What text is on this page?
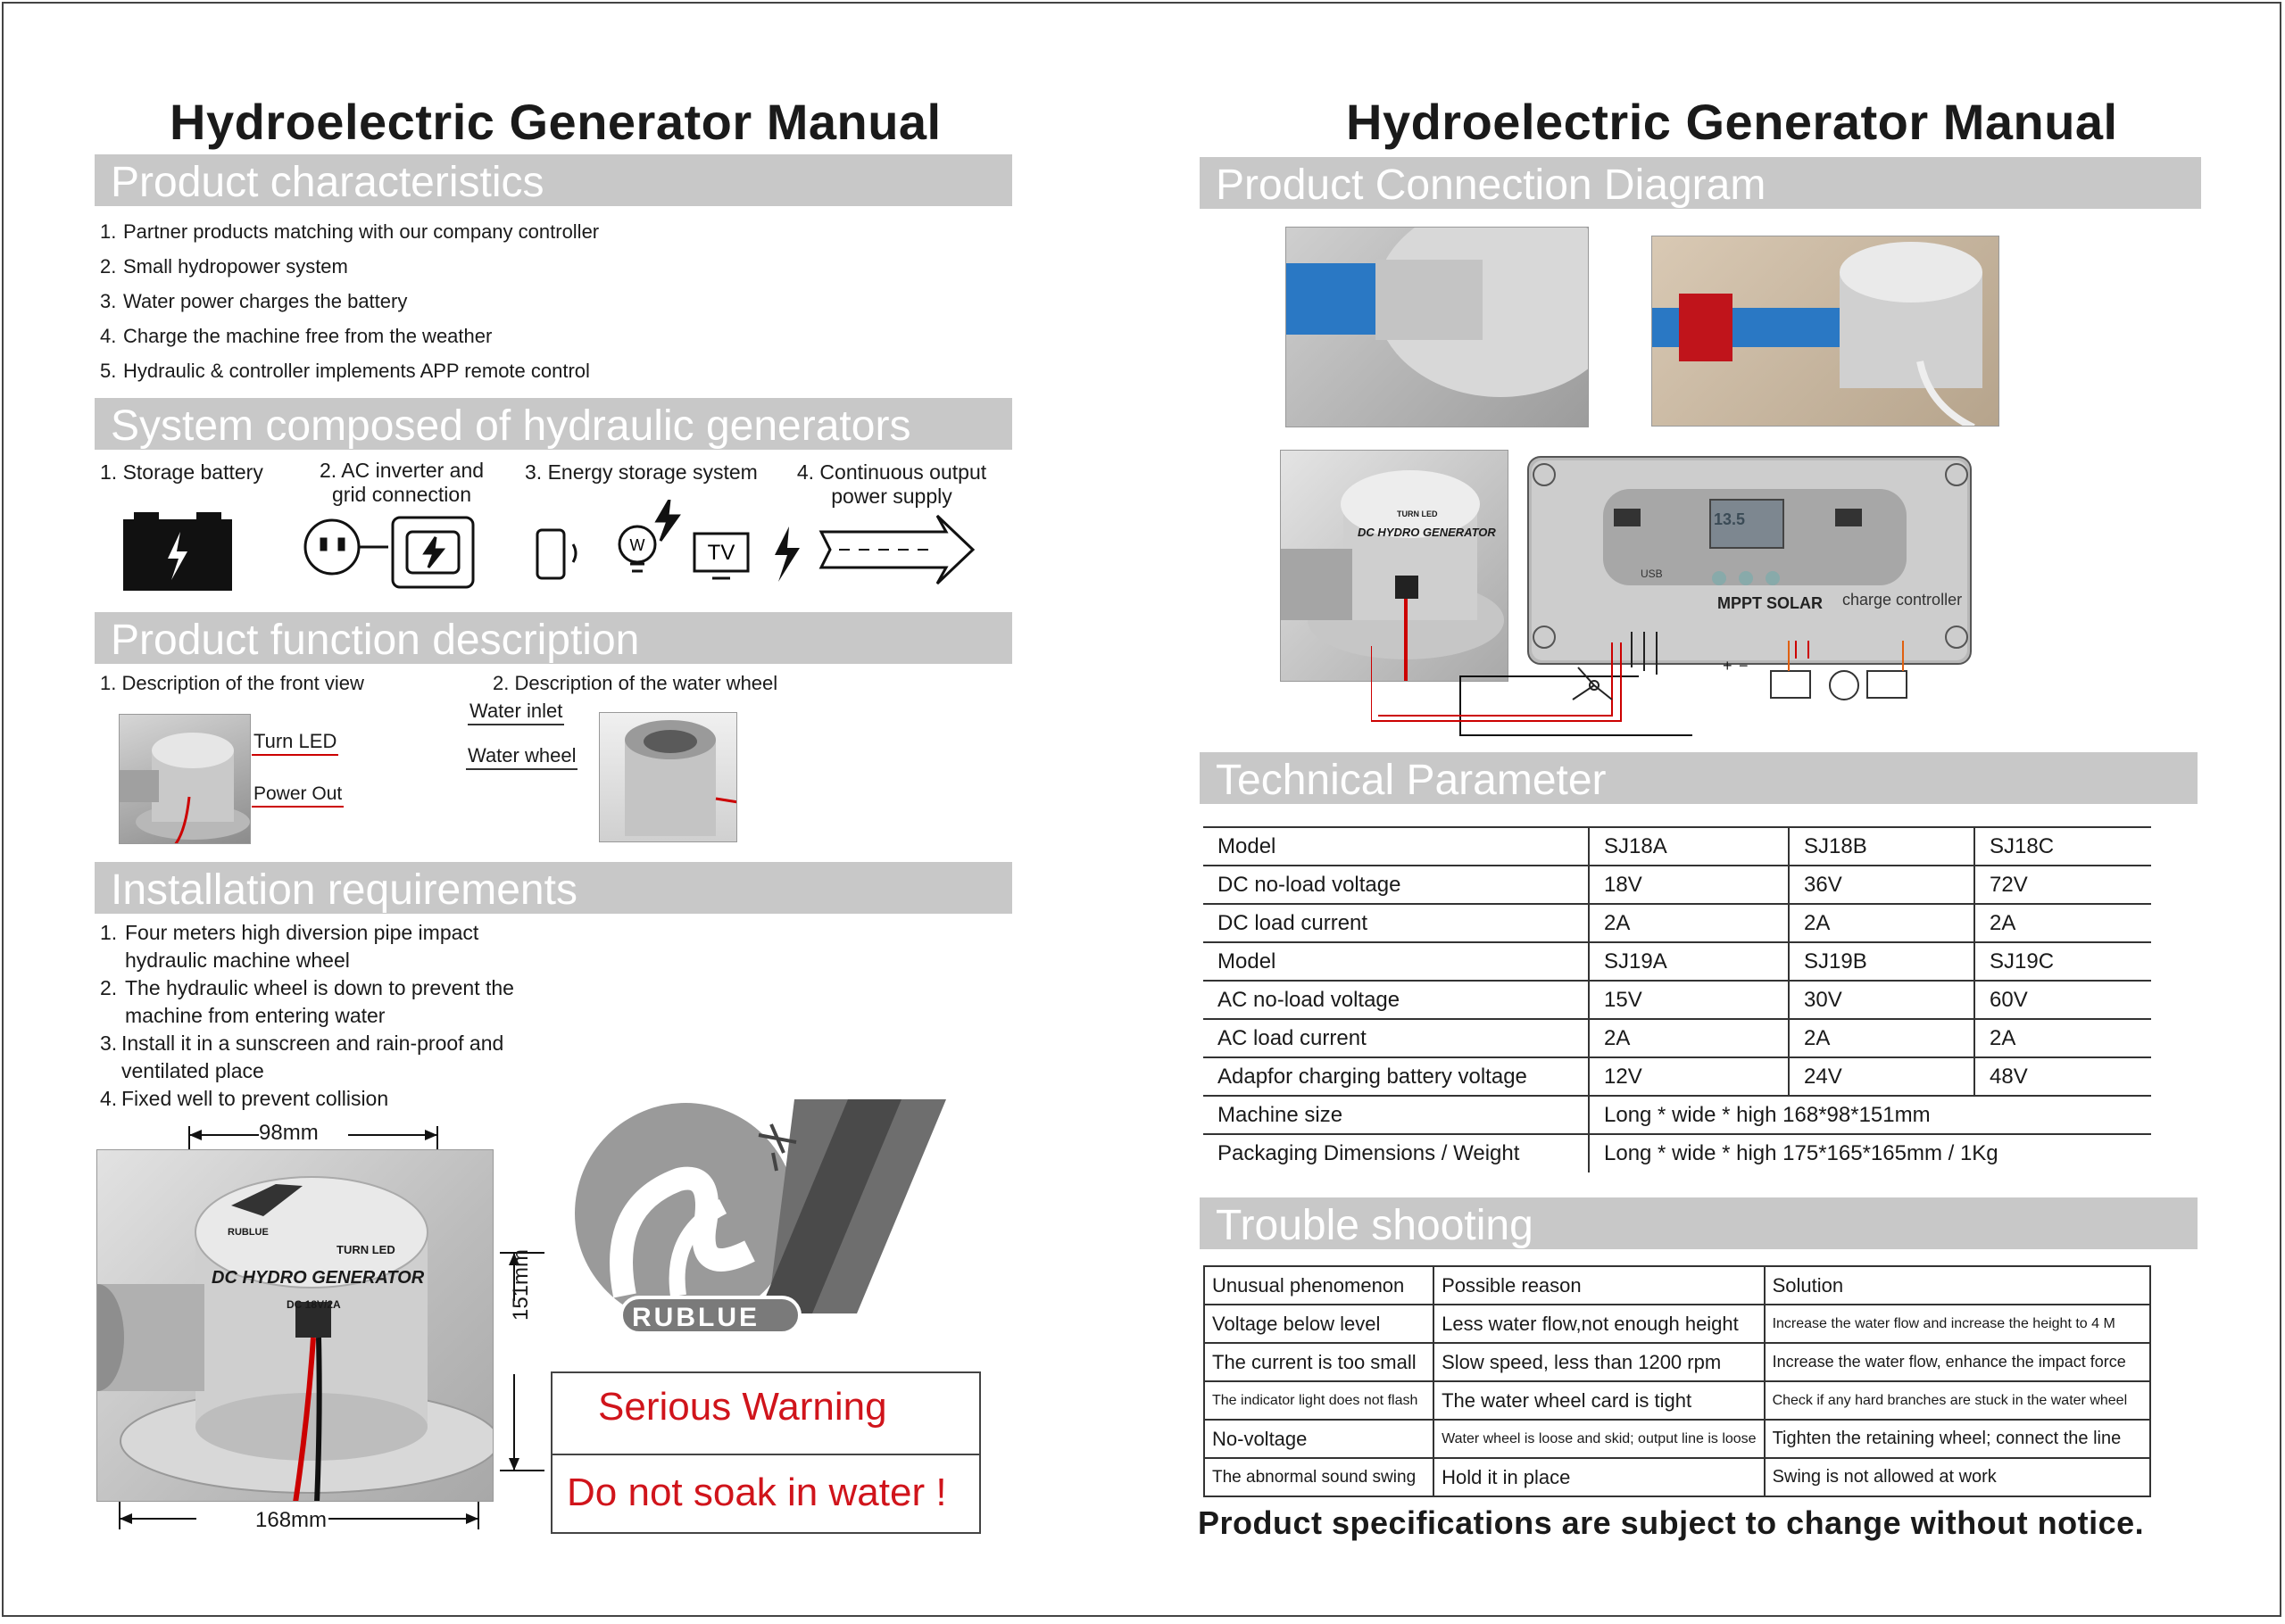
Hydroelectric Generator Manual
Product characteristics
1. Partner products matching with our company controller
2. Small hydropower system
3. Water power charges the battery
4. Charge the machine free from the weather
5. Hydraulic & controller implements APP remote control
System composed of hydraulic generators
1. Storage battery	2. AC inverter and
grid connection
3. Energy storage system	4. Continuous output
power supply
W	TV
Product function description
1. Description of the front view	2. Description of the water wheel
Turn LED
Power Out
Water inlet
Water wheel
Installation requirements
1. Four meters high diversion pipe impact
hydraulic machine wheel
2. The hydraulic wheel is down to prevent the
machine from entering water
3. Install it in a sunscreen and rain-proof and
ventilated place
4. Fixed well to prevent collision
98mm
151mm
168mm
TURN LED
DC HYDRO GENERATOR
DC 18V/2A
RUBLUE
RUBLUE
Serious Warning
Do not soak in water !
Hydroelectric Generator Manual
Product Connection Diagram
TURN LED
DC HYDRO GENERATOR
13.5
MPPT SOLAR charge controller
USB
+ −
Technical Parameter
Model	SJ18A	SJ18B	SJ18C
DC no-load voltage	18V	36V	72V
DC load current	2A	2A	2A
Model	SJ19A	SJ19B	SJ19C
AC no-load voltage	15V	30V	60V
AC load current	2A	2A	2A
Adapfor charging battery voltage	12V	24V	48V
Machine size	Long * wide * high 168*98*151mm		
Packaging Dimensions / Weight	Long * wide * high 175*165*165mm / 1Kg		
Trouble shooting
Unusual phenomenon	Possible reason	Solution
Voltage below level	Less water flow,not enough height	Increase the water flow and increase the height to 4 M
The current is too small	Slow speed, less than 1200 rpm	Increase the water flow, enhance the impact force
The indicator light does not flash	The water wheel card is tight	Check if any hard branches are stuck in the water wheel
No-voltage	Water wheel is loose and skid; output line is loose	Tighten the retaining wheel; connect the line
The abnormal sound swing	Hold it in place	Swing is not allowed at work
Product specifications are subject to change without notice.
